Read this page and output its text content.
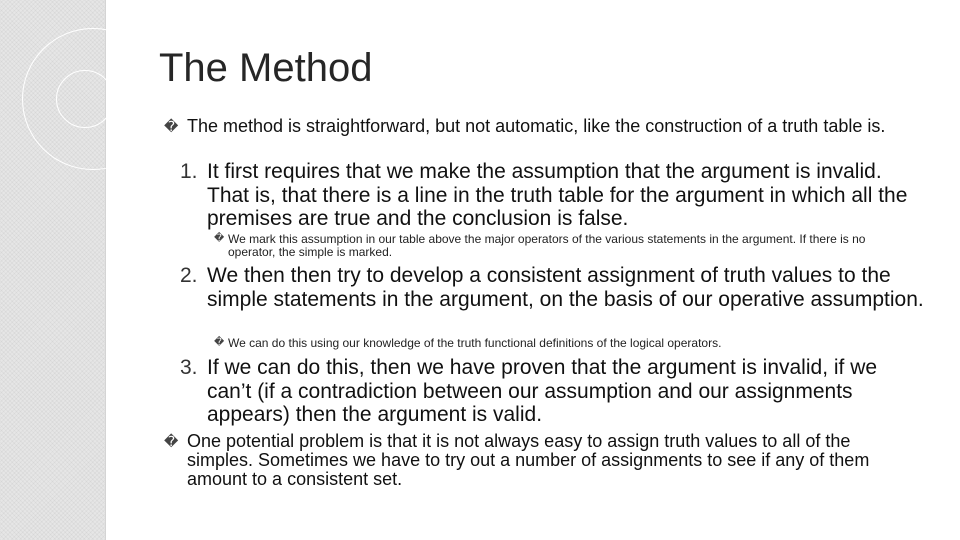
The Method
� The method is straightforward, but not automatic, like the construction of a truth table is.
1. It first requires that we make the assumption that the argument is invalid. That is, that there is a line in the truth table for the argument in which all the premises are true and the conclusion is false.
� We mark this assumption in our table above the major operators of the various statements in the argument. If there is no operator, the simple is marked.
2. We then then try to develop a consistent assignment of truth values to the simple statements in the argument, on the basis of our operative assumption.
� We can do this using our knowledge of the truth functional definitions of the logical operators.
3. If we can do this, then we have proven that the argument is invalid, if we can’t (if a contradiction between our assumption and our assignments appears) then the argument is valid.
� One potential problem is that it is not always easy to assign truth values to all of the simples. Sometimes we have to try out a number of assignments to see if any of them amount to a consistent set.
